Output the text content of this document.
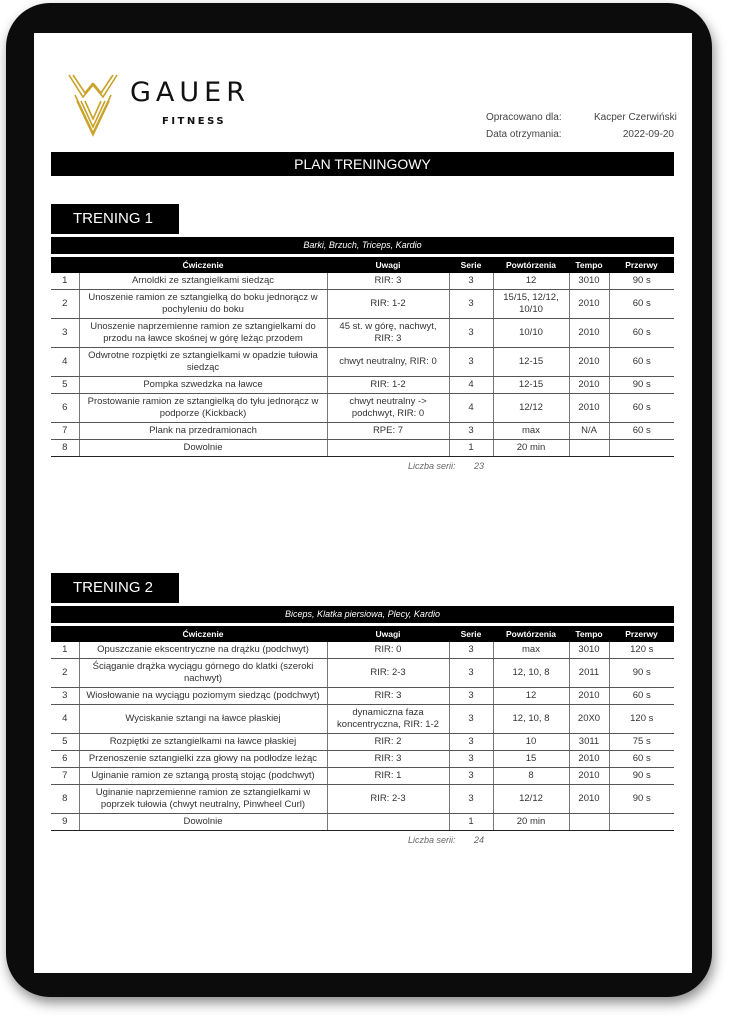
GAUER
FITNESS	Opracowano dla:
Data otrzymania:
Kacper Czerwiński
2022-09-20
PLAN TRENINGOWY
TRENING 1
Barki, Brzuch, Triceps, Kardio
	Ćwiczenie	Uwagi	Serie	Powtórzenia	Tempo	Przerwy
1	Arnoldki ze sztangielkami siedząc	RIR: 3	3	12	3010	90 s
2	Unoszenie ramion ze sztangielką do boku jednorącz w pochyleniu do boku	RIR: 1-2	3	15/15, 12/12, 10/10	2010	60 s
3	Unoszenie naprzemienne ramion ze sztangielkami do przodu na ławce skośnej w górę leżąc przodem	45 st. w górę, nachwyt, RIR: 3	3	10/10	2010	60 s
4	Odwrotne rozpiętki ze sztangielkami w opadzie tułowia siedząc	chwyt neutralny, RIR: 0	3	12-15	2010	60 s
5	Pompka szwedzka na ławce	RIR: 1-2	4	12-15	2010	90 s
6	Prostowanie ramion ze sztangielką do tyłu jednorącz w podporze (Kickback)	chwyt neutralny -> podchwyt, RIR: 0	4	12/12	2010	60 s
7	Plank na przedramionach	RPE: 7	3	max	N/A	60 s
8	Dowolnie		1	20 min		
Liczba serii: 23
TRENING 2
Biceps, Klatka piersiowa, Plecy, Kardio
	Ćwiczenie	Uwagi	Serie	Powtórzenia	Tempo	Przerwy
1	Opuszczanie ekscentryczne na drążku (podchwyt)	RIR: 0	3	max	3010	120 s
2	Ściąganie drążka wyciągu górnego do klatki (szeroki nachwyt)	RIR: 2-3	3	12, 10, 8	2011	90 s
3	Wiosłowanie na wyciągu poziomym siedząc (podchwyt)	RIR: 3	3	12	2010	60 s
4	Wyciskanie sztangi na ławce płaskiej	dynamiczna faza koncentryczna, RIR: 1-2	3	12, 10, 8	20X0	120 s
5	Rozpiętki ze sztangielkami na ławce płaskiej	RIR: 2	3	10	3011	75 s
6	Przenoszenie sztangielki zza głowy na podłodze leżąc	RIR: 3	3	15	2010	60 s
7	Uginanie ramion ze sztangą prostą stojąc (podchwyt)	RIR: 1	3	8	2010	90 s
8	Uginanie naprzemienne ramion ze sztangielkami w poprzek tułowia (chwyt neutralny, Pinwheel Curl)	RIR: 2-3	3	12/12	2010	90 s
9	Dowolnie		1	20 min		
Liczba serii: 24
